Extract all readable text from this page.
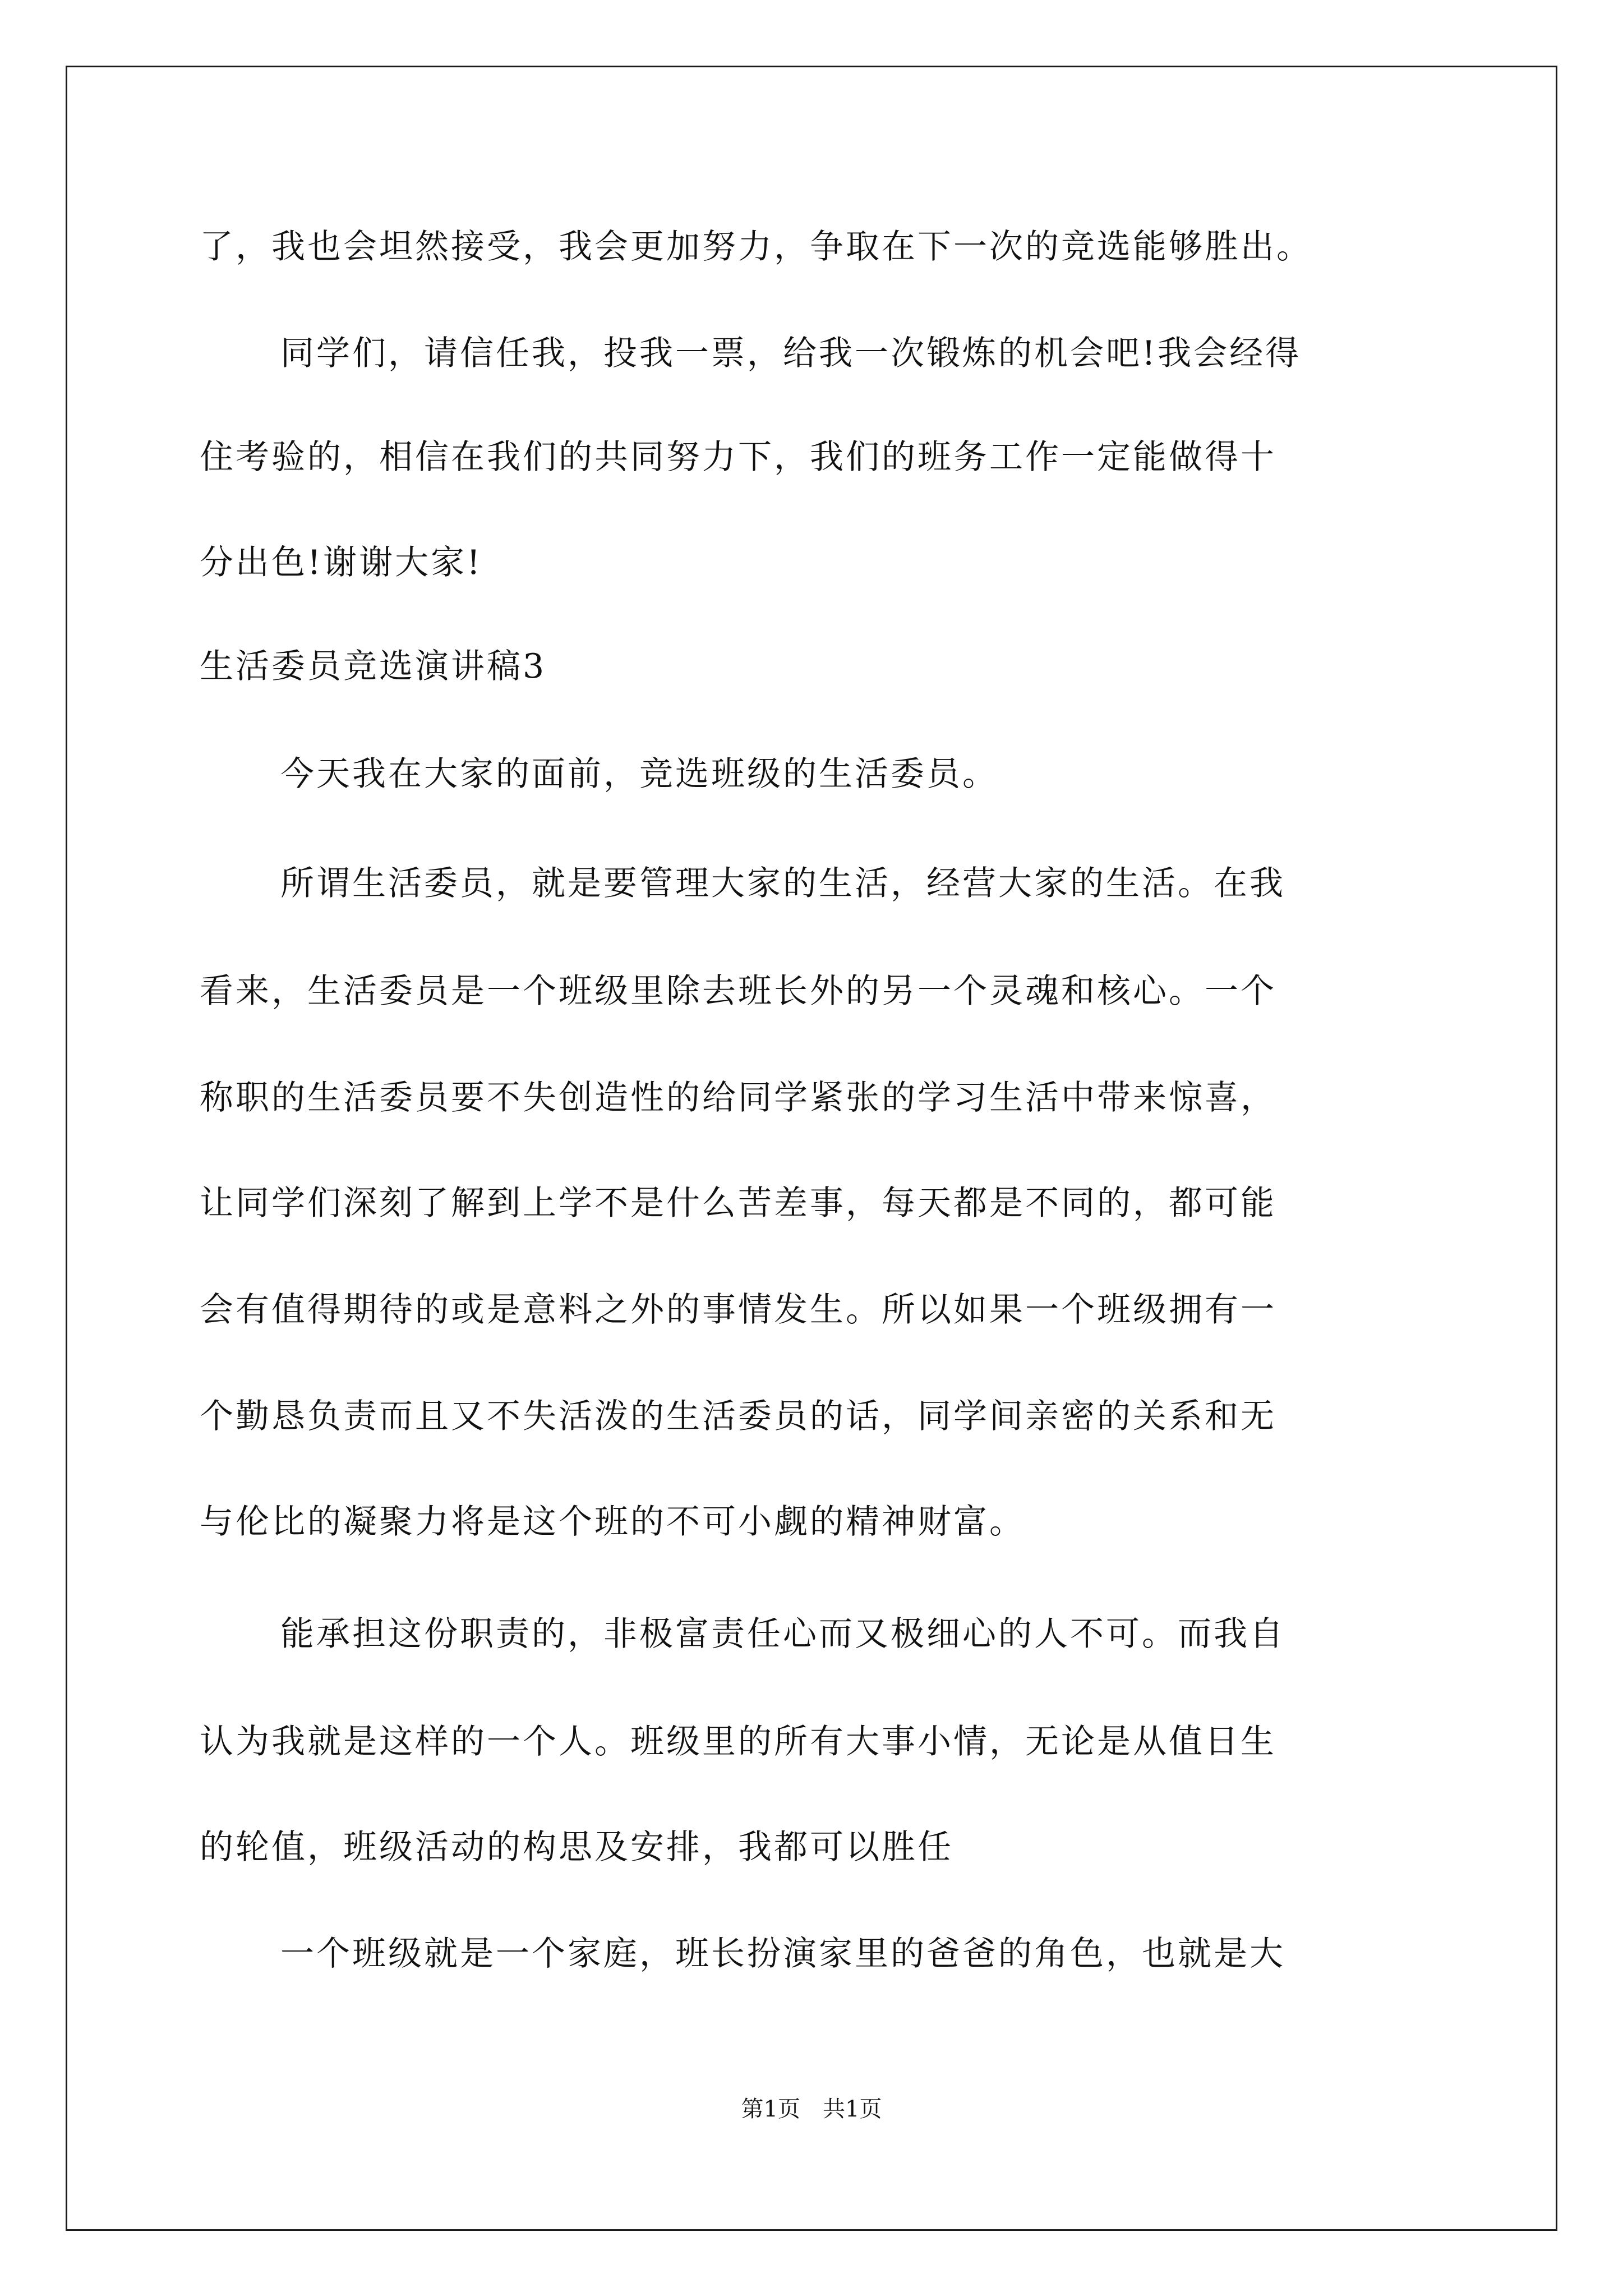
了，我也会坦然接受，我会更加努力，争取在下一次的竞选能够胜出。
同学们，请信任我，投我一票，给我一次锻炼的机会吧!我会经得
住考验的，相信在我们的共同努力下，我们的班务工作一定能做得十
分出色!谢谢大家!
生活委员竞选演讲稿3
今天我在大家的面前，竞选班级的生活委员。
所谓生活委员，就是要管理大家的生活，经营大家的生活。在我
看来，生活委员是一个班级里除去班长外的另一个灵魂和核心。一个
称职的生活委员要不失创造性的给同学紧张的学习生活中带来惊喜，
让同学们深刻了解到上学不是什么苦差事，每天都是不同的，都可能
会有值得期待的或是意料之外的事情发生。所以如果一个班级拥有一
个勤恳负责而且又不失活泼的生活委员的话，同学间亲密的关系和无
与伦比的凝聚力将是这个班的不可小觑的精神财富。
能承担这份职责的，非极富责任心而又极细心的人不可。而我自
认为我就是这样的一个人。班级里的所有大事小情，无论是从值日生
的轮值，班级活动的构思及安排，我都可以胜任
一个班级就是一个家庭，班长扮演家里的爸爸的角色，也就是大
第1页　共1页
